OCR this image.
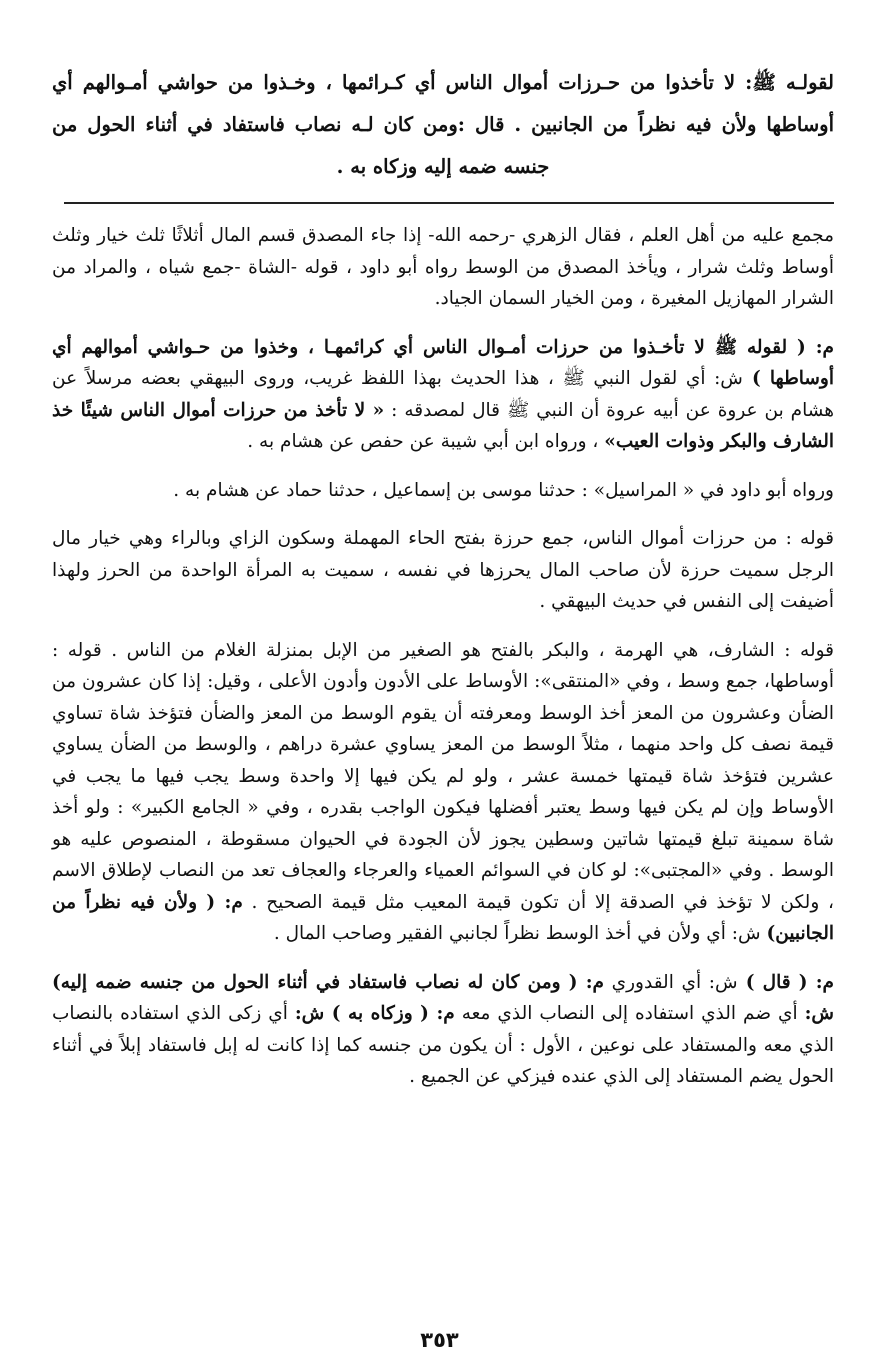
لقولـه ﷺ: لا تأخذوا من حـرزات أموال الناس أي كـرائمها ، وخـذوا من حواشي أمـوالهم أي أوساطها ولأن فيه نظراً من الجانبين . قال :ومن كان لـه نصاب فاستفاد في أثناء الحول من جنسه ضمه إليه وزكاه به .

مجمع عليه من أهل العلم ، فقال الزهري -رحمه الله- إذا جاء المصدق قسم المال أثلاثًا ثلث خيار وثلث أوساط وثلث شرار ، ويأخذ المصدق من الوسط رواه أبو داود ، قوله -الشاة -جمع شياه ، والمراد من الشرار المهازيل المغيرة ، ومن الخيار السمان الجياد.

م: ( لقوله ﷺ لا تأخـذوا من حرزات أمـوال الناس أي كرائمهـا ، وخذوا من حـواشي أموالهم أي أوساطها ) ش: أي لقول النبي ﷺ ، هذا الحديث بهذا اللفظ غريب، وروى البيهقي بعضه مرسلاً عن هشام بن عروة عن أبيه عروة أن النبي ﷺ قال لمصدقه : « لا تأخذ من حرزات أموال الناس شيئًا خذ الشارف والبكر وذوات العيب» ، ورواه ابن أبي شيبة عن حفص عن هشام به .

ورواه أبو داود في « المراسيل» : حدثنا موسى بن إسماعيل ، حدثنا حماد عن هشام به .

قوله : من حرزات أموال الناس، جمع حرزة بفتح الحاء المهملة وسكون الزاي وبالراء وهي خيار مال الرجل سميت حرزة لأن صاحب المال يحرزها في نفسه ، سميت به المرأة الواحدة من الحرز ولهذا أضيفت إلى النفس في حديث البيهقي .

قوله : الشارف، هي الهرمة ، والبكر بالفتح هو الصغير من الإبل بمنزلة الغلام من الناس . قوله : أوساطها، جمع وسط ، وفي «المنتقى»: الأوساط على الأدون وأدون الأعلى ، وقيل: إذا كان عشرون من الضأن وعشرون من المعز أخذ الوسط ومعرفته أن يقوم الوسط من المعز والضأن فتؤخذ شاة تساوي قيمة نصف كل واحد منهما ، مثلاً الوسط من المعز يساوي عشرة دراهم ، والوسط من الضأن يساوي عشرين فتؤخذ شاة قيمتها خمسة عشر ، ولو لم يكن فيها إلا واحدة وسط يجب فيها ما يجب في الأوساط وإن لم يكن فيها وسط يعتبر أفضلها فيكون الواجب بقدره ، وفي « الجامع الكبير» : ولو أخذ شاة سمينة تبلغ قيمتها شاتين وسطين يجوز لأن الجودة في الحيوان مسقوطة ، المنصوص عليه هو الوسط . وفي «المجتبى»: لو كان في السوائم العمياء والعرجاء والعجاف تعد من النصاب لإطلاق الاسم ، ولكن لا تؤخذ في الصدقة إلا أن تكون قيمة المعيب مثل قيمة الصحيح . م: ( ولأن فيه نظراً من الجانبين) ش: أي ولأن في أخذ الوسط نظراً لجانبي الفقير وصاحب المال .

م: ( قال ) ش: أي القدوري م: ( ومن كان له نصاب فاستفاد في أثناء الحول من جنسه ضمه إليه) ش: أي ضم الذي استفاده إلى النصاب الذي معه م: ( وزكاه به ) ش: أي زكى الذي استفاده بالنصاب الذي معه والمستفاد على نوعين ، الأول : أن يكون من جنسه كما إذا كانت له إبل فاستفاد إبلاً في أثناء الحول يضم المستفاد إلى الذي عنده فيزكي عن الجميع .

٣٥٣
